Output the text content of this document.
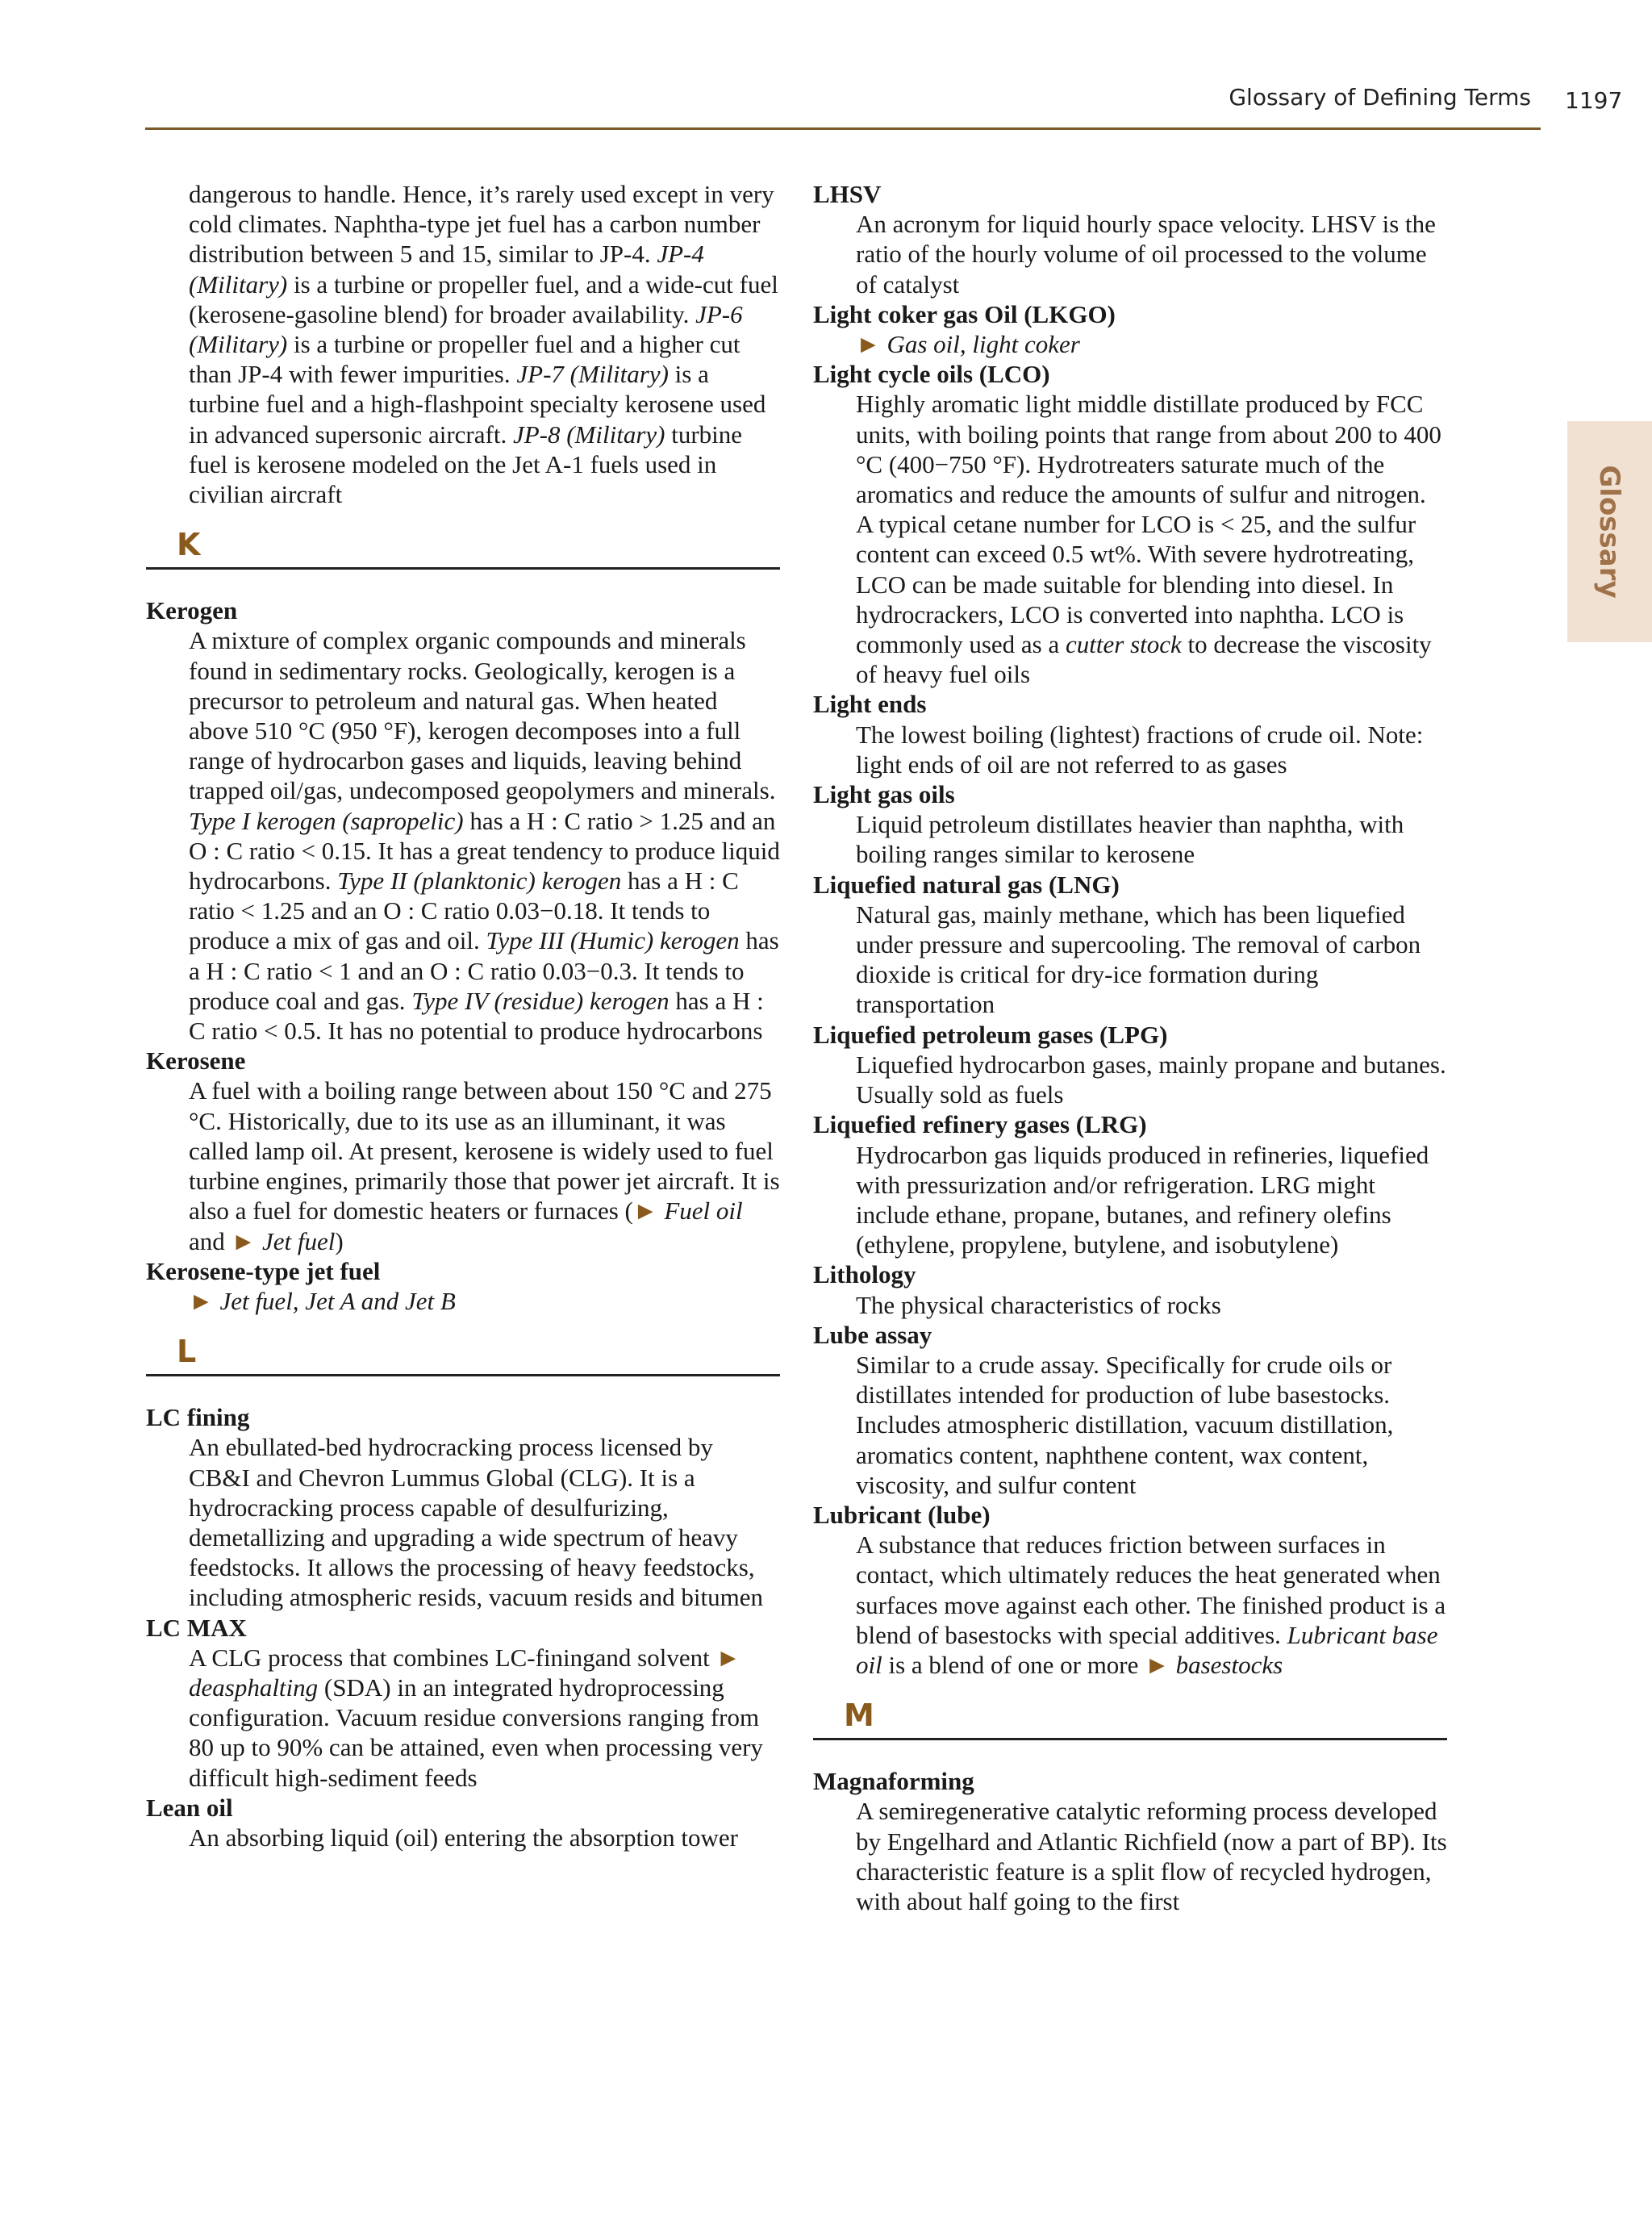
Glossary of Defining Terms 1197
Glossary

dangerous to handle. Hence, it’s rarely used except in very cold climates. Naphtha-type jet fuel has a carbon number distribution between 5 and 15, similar to JP-4. JP-4 (Military) is a turbine or propeller fuel, and a wide-cut fuel (kerosene-gasoline blend) for broader availability. JP-6 (Military) is a turbine or propeller fuel and a higher cut than JP-4 with fewer impurities. JP-7 (Military) is a turbine fuel and a high-flashpoint specialty kerosene used in advanced supersonic aircraft. JP-8 (Military) turbine fuel is kerosene modeled on the Jet A-1 fuels used in civilian aircraft

K

Kerogen

A mixture of complex organic compounds and minerals found in sedimentary rocks. Geologically, kerogen is a precursor to petroleum and natural gas. When heated above 510 °C (950 °F), kerogen decomposes into a full range of hydrocarbon gases and liquids, leaving behind trapped oil/gas, undecomposed geopolymers and minerals. Type I kerogen (sapropelic) has a H : C ratio > 1.25 and an O : C ratio < 0.15. It has a great tendency to produce liquid hydrocarbons. Type II (planktonic) kerogen has a H : C ratio < 1.25 and an O : C ratio 0.03−0.18. It tends to produce a mix of gas and oil. Type III (Humic) kerogen has a H : C ratio < 1 and an O : C ratio 0.03−0.3. It tends to produce coal and gas. Type IV (residue) kerogen has a H : C ratio < 0.5. It has no potential to produce hydrocarbons

Kerosene

A fuel with a boiling range between about 150 °C and 275 °C. Historically, due to its use as an illuminant, it was called lamp oil. At present, kerosene is widely used to fuel turbine engines, primarily those that power jet aircraft. It is also a fuel for domestic heaters or furnaces (► Fuel oil and ► Jet fuel)

Kerosene-type jet fuel

► Jet fuel, Jet A and Jet B

L

LC fining

An ebullated-bed hydrocracking process licensed by CB&I and Chevron Lummus Global (CLG). It is a hydrocracking process capable of desulfurizing, demetallizing and upgrading a wide spectrum of heavy feedstocks. It allows the processing of heavy feedstocks, including atmospheric resids, vacuum resids and bitumen

LC MAX

A CLG process that combines LC-finingand solvent ► deasphalting (SDA) in an integrated hydroprocessing configuration. Vacuum residue conversions ranging from 80 up to 90% can be attained, even when processing very difficult high-sediment feeds

Lean oil

An absorbing liquid (oil) entering the absorption tower

LHSV

An acronym for liquid hourly space velocity. LHSV is the ratio of the hourly volume of oil processed to the volume of catalyst

Light coker gas Oil (LKGO)

► Gas oil, light coker

Light cycle oils (LCO)

Highly aromatic light middle distillate produced by FCC units, with boiling points that range from about 200 to 400 °C (400−750 °F). Hydrotreaters saturate much of the aromatics and reduce the amounts of sulfur and nitrogen. A typical cetane number for LCO is < 25, and the sulfur content can exceed 0.5 wt%. With severe hydrotreating, LCO can be made suitable for blending into diesel. In hydrocrackers, LCO is converted into naphtha. LCO is commonly used as a cutter stock to decrease the viscosity of heavy fuel oils

Light ends

The lowest boiling (lightest) fractions of crude oil. Note: light ends of oil are not referred to as gases

Light gas oils

Liquid petroleum distillates heavier than naphtha, with boiling ranges similar to kerosene

Liquefied natural gas (LNG)

Natural gas, mainly methane, which has been liquefied under pressure and supercooling. The removal of carbon dioxide is critical for dry-ice formation during transportation

Liquefied petroleum gases (LPG)

Liquefied hydrocarbon gases, mainly propane and butanes. Usually sold as fuels

Liquefied refinery gases (LRG)

Hydrocarbon gas liquids produced in refineries, liquefied with pressurization and/or refrigeration. LRG might include ethane, propane, butanes, and refinery olefins (ethylene, propylene, butylene, and isobutylene)

Lithology

The physical characteristics of rocks

Lube assay

Similar to a crude assay. Specifically for crude oils or distillates intended for production of lube basestocks. Includes atmospheric distillation, vacuum distillation, aromatics content, naphthene content, wax content, viscosity, and sulfur content

Lubricant (lube)

A substance that reduces friction between surfaces in contact, which ultimately reduces the heat generated when surfaces move against each other. The finished product is a blend of basestocks with special additives. Lubricant base oil is a blend of one or more ► basestocks

M

Magnaforming

A semiregenerative catalytic reforming process developed by Engelhard and Atlantic Richfield (now a part of BP). Its characteristic feature is a split flow of recycled hydrogen, with about half going to the first
